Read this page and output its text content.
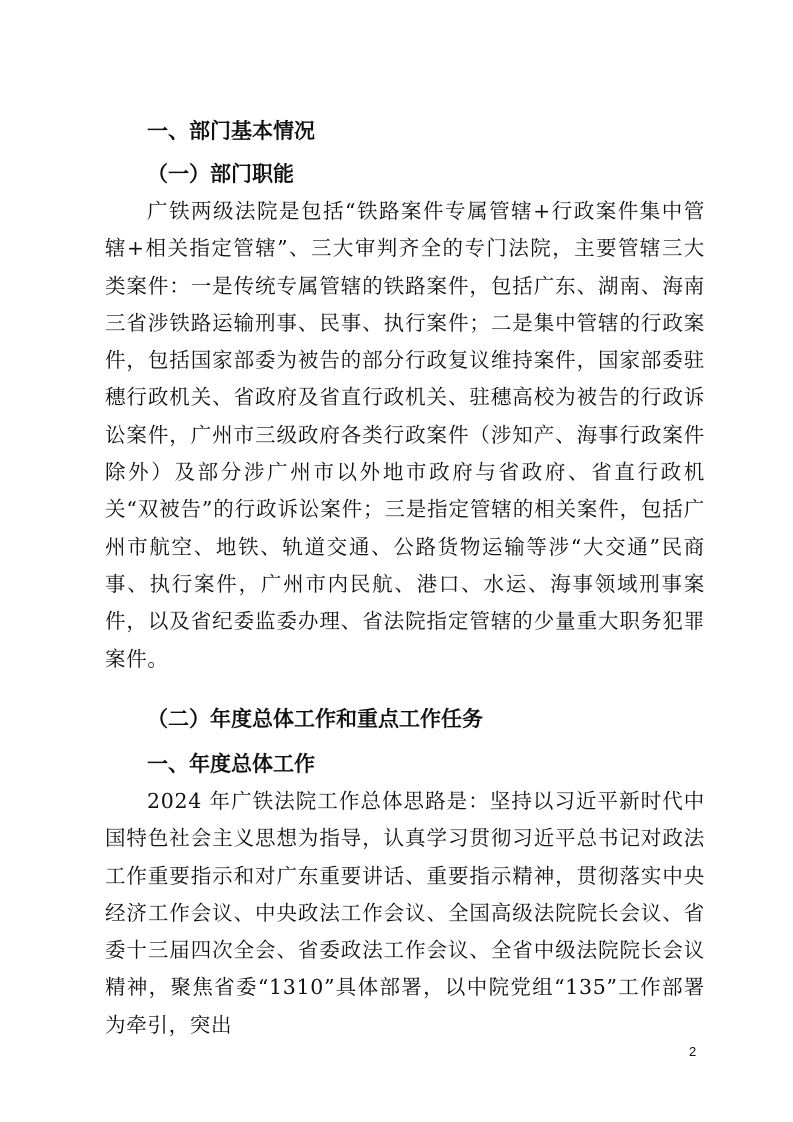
一、部门基本情况
（一）部门职能

广铁两级法院是包括“铁路案件专属管辖+行政案件集中管辖+相关指定管辖”、三大审判齐全的专门法院，主要管辖三大类案件：一是传统专属管辖的铁路案件，包括广东、湖南、海南三省涉铁路运输刑事、民事、执行案件；二是集中管辖的行政案件，包括国家部委为被告的部分行政复议维持案件，国家部委驻穗行政机关、省政府及省直行政机关、驻穗高校为被告的行政诉讼案件，广州市三级政府各类行政案件（涉知产、海事行政案件除外）及部分涉广州市以外地市政府与省政府、省直行政机关“双被告”的行政诉讼案件；三是指定管辖的相关案件，包括广州市航空、地铁、轨道交通、公路货物运输等涉“大交通”民商事、执行案件，广州市内民航、港口、水运、海事领域刑事案件，以及省纪委监委办理、省法院指定管辖的少量重大职务犯罪案件。

（二）年度总体工作和重点工作任务
一、年度总体工作

2024 年广铁法院工作总体思路是：坚持以习近平新时代中国特色社会主义思想为指导，认真学习贯彻习近平总书记对政法工作重要指示和对广东重要讲话、重要指示精神，贯彻落实中央经济工作会议、中央政法工作会议、全国高级法院院长会议、省委十三届四次全会、省委政法工作会议、全省中级法院院长会议精神，聚焦省委“1310”具体部署，以中院党组“135”工作部署为牵引，突出

2
